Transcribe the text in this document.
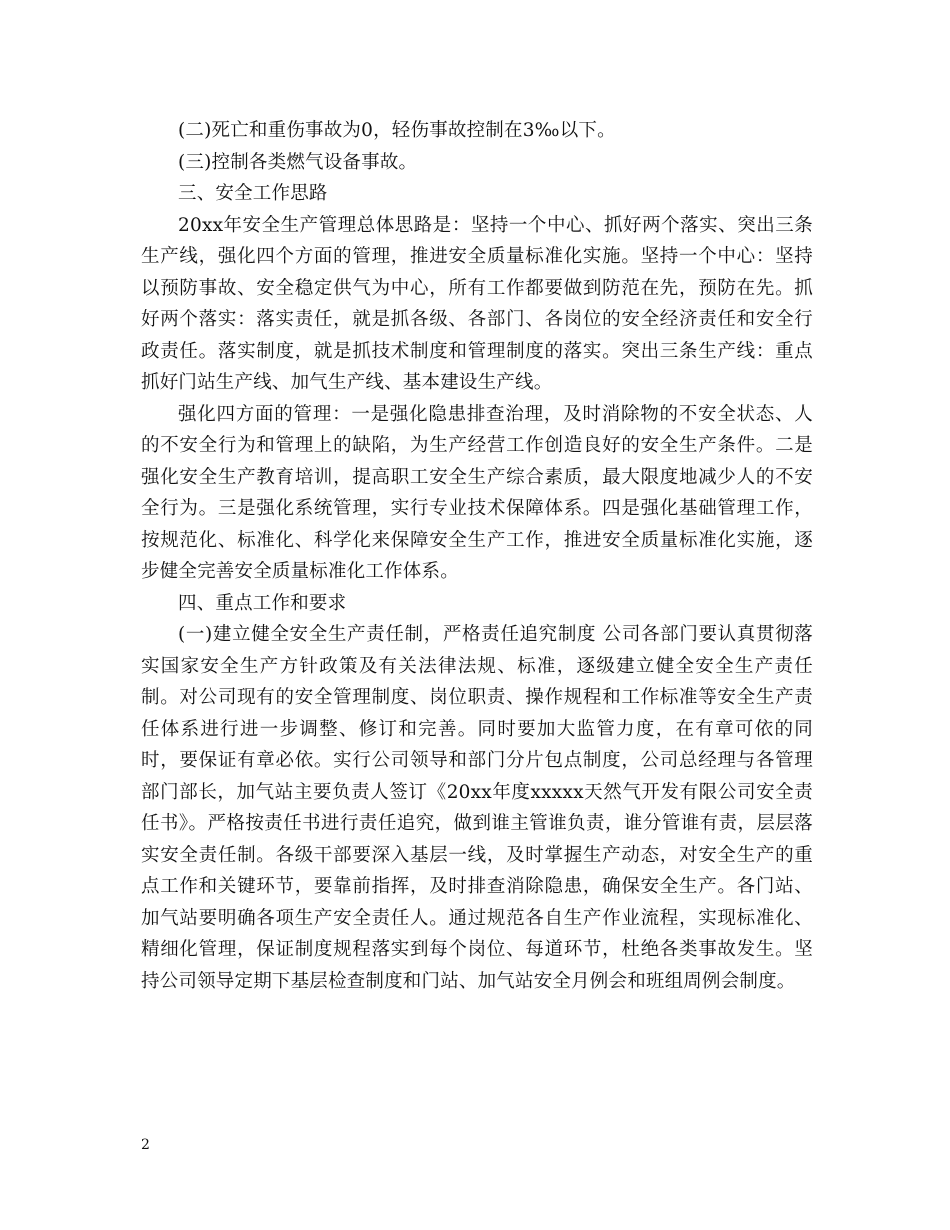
(二)死亡和重伤事故为0，轻伤事故控制在3‰以下。

(三)控制各类燃气设备事故。

三、安全工作思路

20xx年安全生产管理总体思路是：坚持一个中心、抓好两个落实、突出三条生产线，强化四个方面的管理，推进安全质量标准化实施。坚持一个中心：坚持以预防事故、安全稳定供气为中心，所有工作都要做到防范在先，预防在先。抓好两个落实：落实责任，就是抓各级、各部门、各岗位的安全经济责任和安全行政责任。落实制度，就是抓技术制度和管理制度的落实。突出三条生产线：重点抓好门站生产线、加气生产线、基本建设生产线。

强化四方面的管理：一是强化隐患排查治理，及时消除物的不安全状态、人的不安全行为和管理上的缺陷，为生产经营工作创造良好的安全生产条件。二是强化安全生产教育培训，提高职工安全生产综合素质，最大限度地减少人的不安全行为。三是强化系统管理，实行专业技术保障体系。四是强化基础管理工作，按规范化、标准化、科学化来保障安全生产工作，推进安全质量标准化实施，逐步健全完善安全质量标准化工作体系。

四、重点工作和要求

(一)建立健全安全生产责任制，严格责任追究制度 公司各部门要认真贯彻落实国家安全生产方针政策及有关法律法规、标准，逐级建立健全安全生产责任制。对公司现有的安全管理制度、岗位职责、操作规程和工作标准等安全生产责任体系进行进一步调整、修订和完善。同时要加大监管力度，在有章可依的同时，要保证有章必依。实行公司领导和部门分片包点制度，公司总经理与各管理部门部长，加气站主要负责人签订《20xx年度xxxxx天然气开发有限公司安全责任书》。严格按责任书进行责任追究，做到谁主管谁负责，谁分管谁有责，层层落实安全责任制。各级干部要深入基层一线，及时掌握生产动态，对安全生产的重点工作和关键环节，要靠前指挥，及时排查消除隐患，确保安全生产。各门站、加气站要明确各项生产安全责任人。通过规范各自生产作业流程，实现标准化、精细化管理，保证制度规程落实到每个岗位、每道环节，杜绝各类事故发生。坚持公司领导定期下基层检查制度和门站、加气站安全月例会和班组周例会制度。

2
